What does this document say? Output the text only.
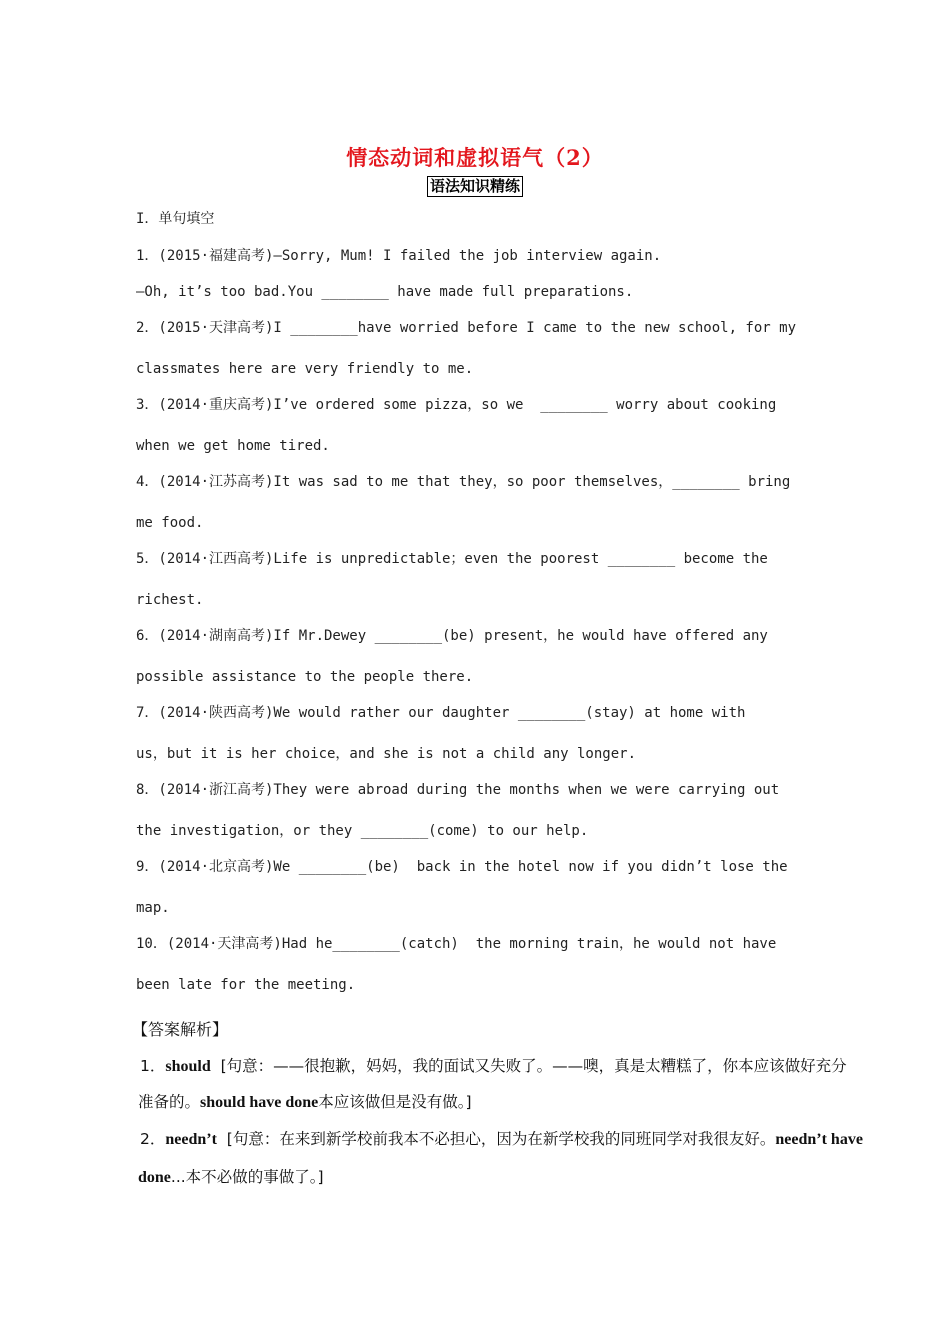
情态动词和虚拟语气（2）
语法知识精练
I．单句填空
1．(2015·福建高考)—Sorry, Mum! I failed the job interview again.
—Oh, it’s too bad.You ________ have made full preparations.
2．(2015·天津高考)I ________have worried before I came to the new school, for my
classmates here are very friendly to me.
3．(2014·重庆高考)I’ve ordered some pizza，so we  ________ worry about cooking
when we get home tired.
4．(2014·江苏高考)It was sad to me that they，so poor themselves，________ bring
me food.
5．(2014·江西高考)Life is unpredictable；even the poorest ________ become the
richest.
6．(2014·湖南高考)If Mr.Dewey ________(be) present，he would have offered any
possible assistance to the people there.
7．(2014·陕西高考)We would rather our daughter ________(stay) at home with
us，but it is her choice，and she is not a child any longer.
8．(2014·浙江高考)They were abroad during the months when we were carrying out
the investigation，or they ________(come) to our help.
9．(2014·北京高考)We ________(be)  back in the hotel now if you didn’t lose the
map.
10．(2014·天津高考)Had he________(catch)  the morning train，he would not have
been late for the meeting.
【答案解析】
1．should [句意：——很抱歉，妈妈，我的面试又失败了。——噢，真是太糟糕了，你本应该做好充分
准备的。should have done本应该做但是没有做。]
2．needn’t [句意：在来到新学校前我本不必担心，因为在新学校我的同班同学对我很友好。needn’t have
done...本不必做的事做了。]
